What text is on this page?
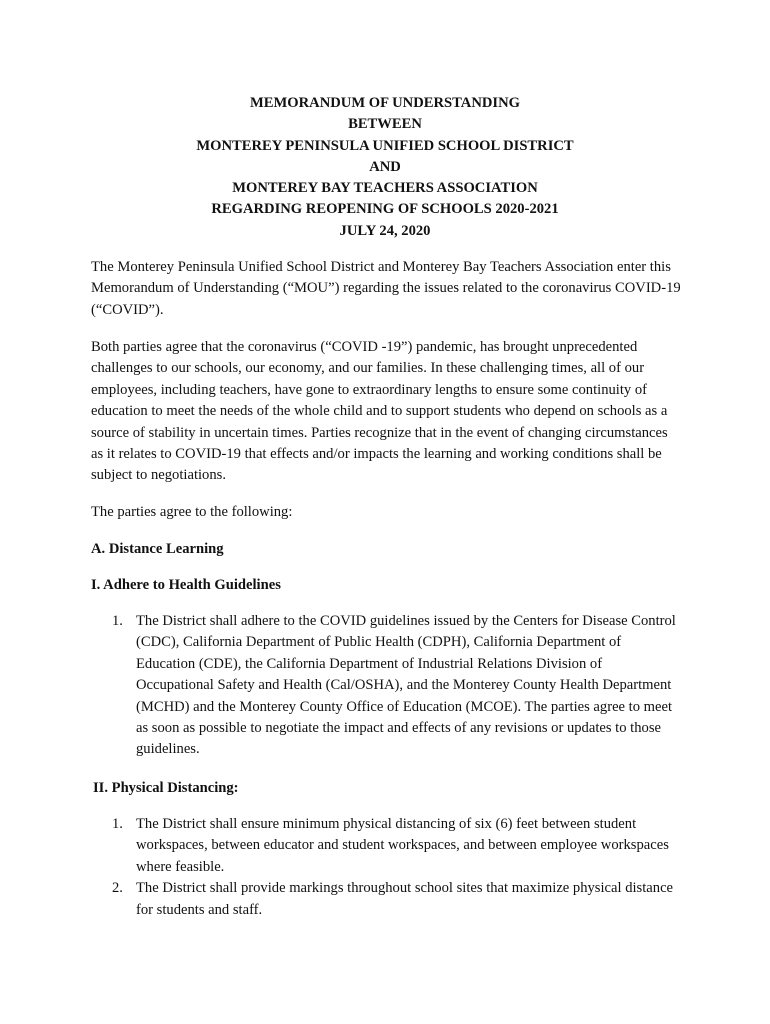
MEMORANDUM OF UNDERSTANDING
BETWEEN
MONTEREY PENINSULA UNIFIED SCHOOL DISTRICT
AND
MONTEREY BAY TEACHERS ASSOCIATION
REGARDING REOPENING OF SCHOOLS 2020-2021
JULY 24, 2020

The Monterey Peninsula Unified School District and Monterey Bay Teachers Association enter this Memorandum of Understanding (“MOU”) regarding the issues related to the coronavirus COVID-19 (“COVID”).

Both parties agree that the coronavirus (“COVID -19”) pandemic, has brought unprecedented challenges to our schools, our economy, and our families. In these challenging times, all of our employees, including teachers, have gone to extraordinary lengths to ensure some continuity of education to meet the needs of the whole child and to support students who depend on schools as a source of stability in uncertain times. Parties recognize that in the event of changing circumstances as it relates to COVID-19 that effects and/or impacts the learning and working conditions shall be subject to negotiations.

The parties agree to the following:

A. Distance Learning
I. Adhere to Health Guidelines
1. The District shall adhere to the COVID guidelines issued by the Centers for Disease Control (CDC), California Department of Public Health (CDPH), California Department of Education (CDE), the California Department of Industrial Relations Division of Occupational Safety and Health (Cal/OSHA), and the Monterey County Health Department (MCHD) and the Monterey County Office of Education (MCOE). The parties agree to meet as soon as possible to negotiate the impact and effects of any revisions or updates to those guidelines.
II. Physical Distancing:
1. The District shall ensure minimum physical distancing of six (6) feet between student workspaces, between educator and student workspaces, and between employee workspaces where feasible.
2. The District shall provide markings throughout school sites that maximize physical distance for students and staff.
